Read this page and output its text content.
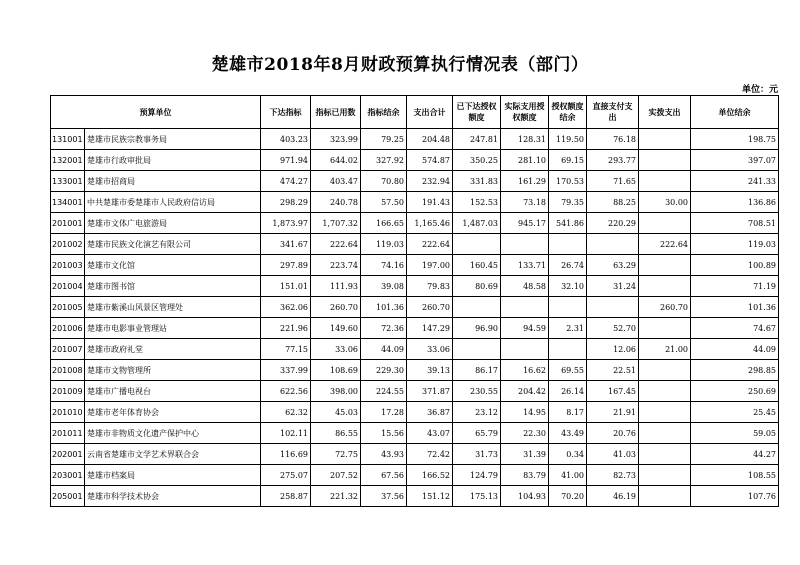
楚雄市2018年8月财政预算执行情况表（部门）
单位：元
预算单位		下达指标	指标已用数	指标结余	支出合计	已下达授权额度	实际支用授权额度	授权额度结余	直接支付支出	实拨支出	单位结余
131001	楚雄市民族宗教事务局	403.23	323.99	79.25	204.48	247.81	128.31	119.50	76.18		198.75
132001	楚雄市行政审批局	971.94	644.02	327.92	574.87	350.25	281.10	69.15	293.77		397.07
133001	楚雄市招商局	474.27	403.47	70.80	232.94	331.83	161.29	170.53	71.65		241.33
134001	中共楚雄市委楚雄市人民政府信访局	298.29	240.78	57.50	191.43	152.53	73.18	79.35	88.25	30.00	136.86
201001	楚雄市文体广电旅游局	1,873.97	1,707.32	166.65	1,165.46	1,487.03	945.17	541.86	220.29		708.51
201002	楚雄市民族文化演艺有限公司	341.67	222.64	119.03	222.64					222.64	119.03
201003	楚雄市文化馆	297.89	223.74	74.16	197.00	160.45	133.71	26.74	63.29		100.89
201004	楚雄市图书馆	151.01	111.93	39.08	79.83	80.69	48.58	32.10	31.24		71.19
201005	楚雄市紫溪山风景区管理处	362.06	260.70	101.36	260.70					260.70	101.36
201006	楚雄市电影事业管理站	221.96	149.60	72.36	147.29	96.90	94.59	2.31	52.70		74.67
201007	楚雄市政府礼堂	77.15	33.06	44.09	33.06				12.06	21.00	44.09
201008	楚雄市文物管理所	337.99	108.69	229.30	39.13	86.17	16.62	69.55	22.51		298.85
201009	楚雄市广播电视台	622.56	398.00	224.55	371.87	230.55	204.42	26.14	167.45		250.69
201010	楚雄市老年体育协会	62.32	45.03	17.28	36.87	23.12	14.95	8.17	21.91		25.45
201011	楚雄市非物质文化遗产保护中心	102.11	86.55	15.56	43.07	65.79	22.30	43.49	20.76		59.05
202001	云南省楚雄市文学艺术界联合会	116.69	72.75	43.93	72.42	31.73	31.39	0.34	41.03		44.27
203001	楚雄市档案局	275.07	207.52	67.56	166.52	124.79	83.79	41.00	82.73		108.55
205001	楚雄市科学技术协会	258.87	221.32	37.56	151.12	175.13	104.93	70.20	46.19		107.76
